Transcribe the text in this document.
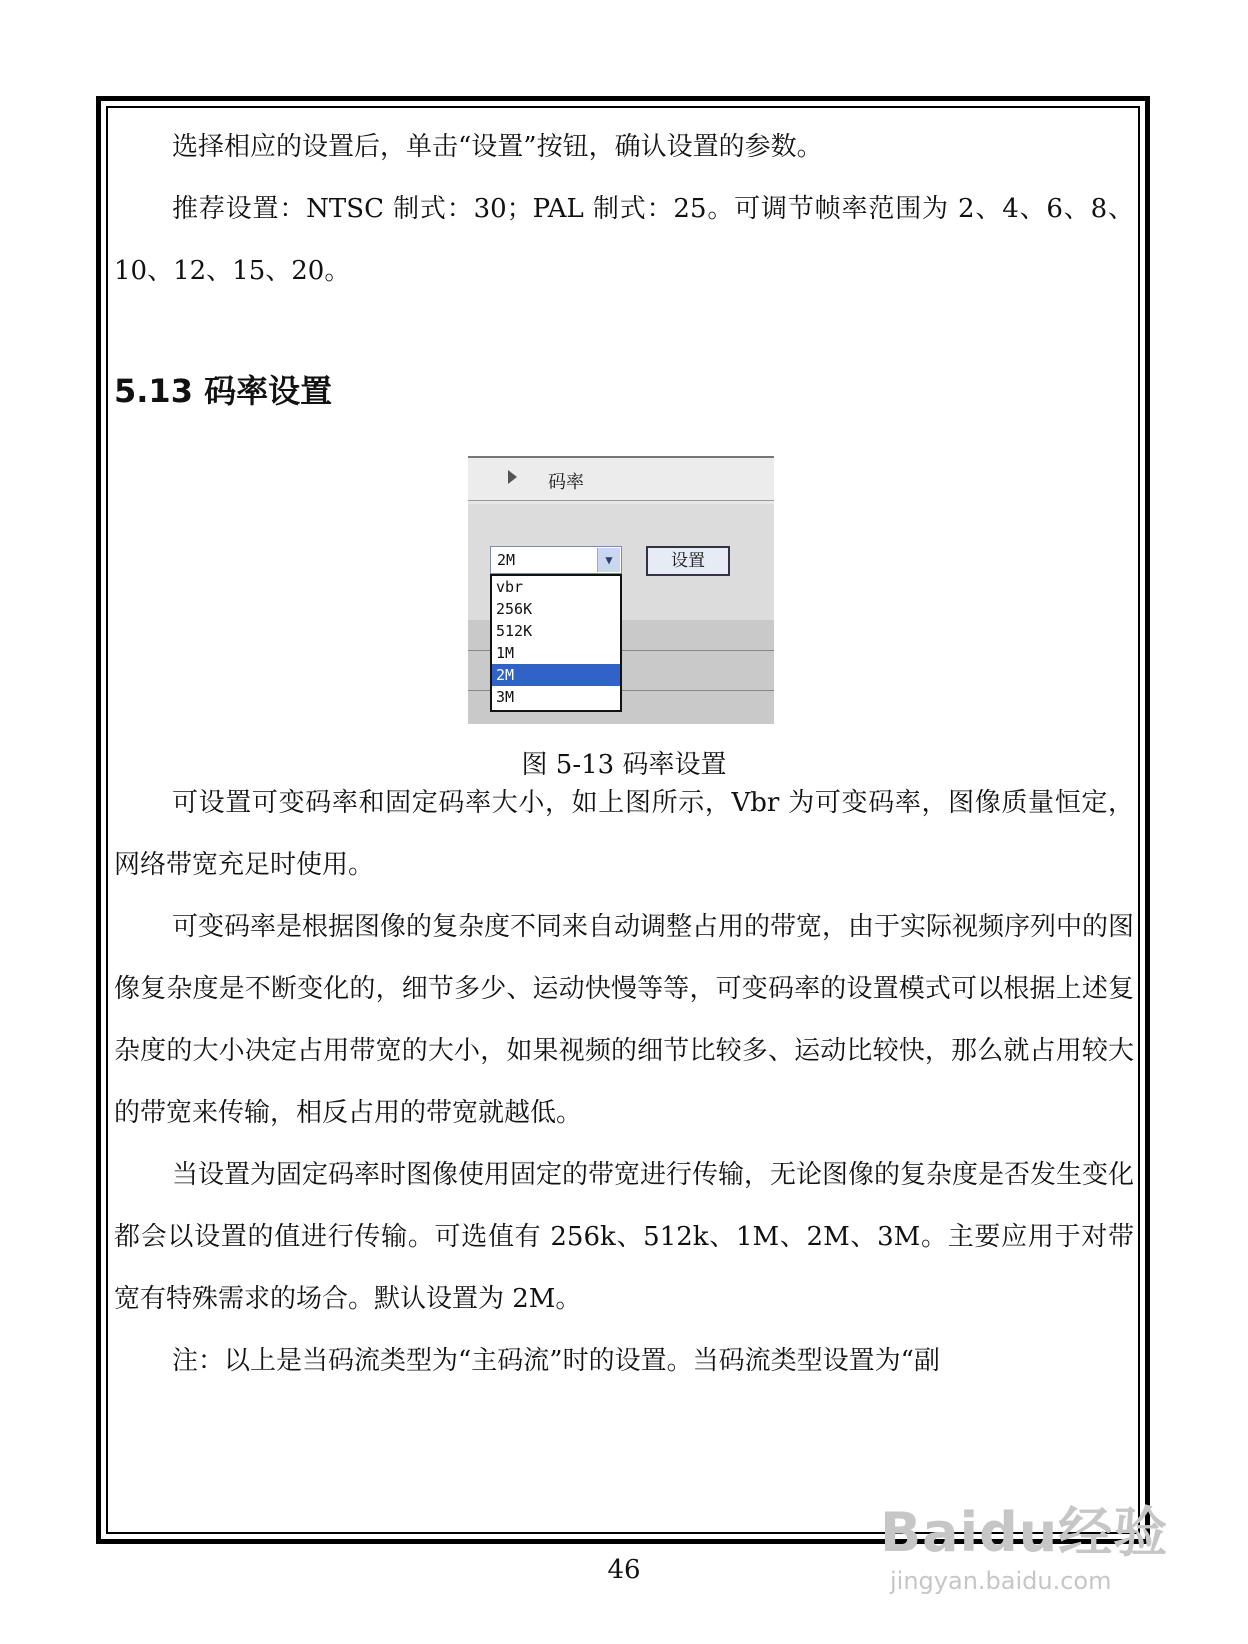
选择相应的设置后，单击“设置”按钮，确认设置的参数。

推荐设置：NTSC 制式：30；PAL 制式：25。可调节帧率范围为 2、4、6、8、10、12、15、20。

5.13 码率设置
码率
2M	▼
vbr
256K
512K
1M
2M
3M
设置
图 5-13 码率设置

可设置可变码率和固定码率大小，如上图所示，Vbr 为可变码率，图像质量恒定，网络带宽充足时使用。

可变码率是根据图像的复杂度不同来自动调整占用的带宽，由于实际视频序列中的图像复杂度是不断变化的，细节多少、运动快慢等等，可变码率的设置模式可以根据上述复杂度的大小决定占用带宽的大小，如果视频的细节比较多、运动比较快，那么就占用较大的带宽来传输，相反占用的带宽就越低。

当设置为固定码率时图像使用固定的带宽进行传输，无论图像的复杂度是否发生变化都会以设置的值进行传输。可选值有 256k、512k、1M、2M、3M。主要应用于对带宽有特殊需求的场合。默认设置为 2M。

注：以上是当码流类型为“主码流”时的设置。当码流类型设置为“副

46
Baidu经验
jingyan.baidu.com
